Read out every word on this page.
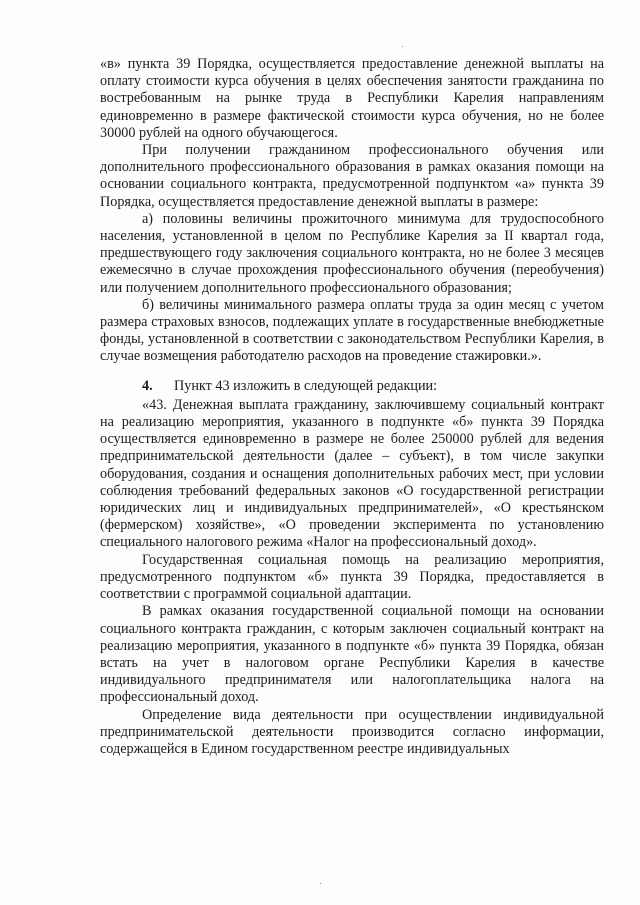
«в» пункта 39 Порядка, осуществляется предоставление денежной выплаты на оплату стоимости курса обучения в целях обеспечения занятости гражданина по востребованным на рынке труда в Республики Карелия направлениям единовременно в размере фактической стоимости курса обучения, но не более 30000 рублей на одного обучающегося.

При получении гражданином профессионального обучения или дополнительного профессионального образования в рамках оказания помощи на основании социального контракта, предусмотренной подпунктом «а» пункта 39 Порядка, осуществляется предоставление денежной выплаты в размере:

а) половины величины прожиточного минимума для трудоспособного населения, установленной в целом по Республике Карелия за II квартал года, предшествующего году заключения социального контракта, но не более 3 месяцев ежемесячно в случае прохождения профессионального обучения (переобучения) или получением дополнительного профессионального образования;

б) величины минимального размера оплаты труда за один месяц с учетом размера страховых взносов, подлежащих уплате в государственные внебюджетные фонды, установленной в соответствии с законодательством Республики Карелия, в случае возмещения работодателю расходов на проведение стажировки.».

4. Пункт 43 изложить в следующей редакции:

«43. Денежная выплата гражданину, заключившему социальный контракт на реализацию мероприятия, указанного в подпункте «б» пункта 39 Порядка осуществляется единовременно в размере не более 250000 рублей для ведения предпринимательской деятельности (далее – субъект), в том числе закупки оборудования, создания и оснащения дополнительных рабочих мест, при условии соблюдения требований федеральных законов «О государственной регистрации юридических лиц и индивидуальных предпринимателей», «О крестьянском (фермерском) хозяйстве», «О проведении эксперимента по установлению специального налогового режима «Налог на профессиональный доход».

Государственная социальная помощь на реализацию мероприятия, предусмотренного подпунктом «б» пункта 39 Порядка, предоставляется в соответствии с программой социальной адаптации.

В рамках оказания государственной социальной помощи на основании социального контракта гражданин, с которым заключен социальный контракт на реализацию мероприятия, указанного в подпункте «б» пункта 39 Порядка, обязан встать на учет в налоговом органе Республики Карелия в качестве индивидуального предпринимателя или налогоплательщика налога на профессиональный доход.

Определение вида деятельности при осуществлении индивидуальной предпринимательской деятельности производится согласно информации, содержащейся в Едином государственном реестре индивидуальных
